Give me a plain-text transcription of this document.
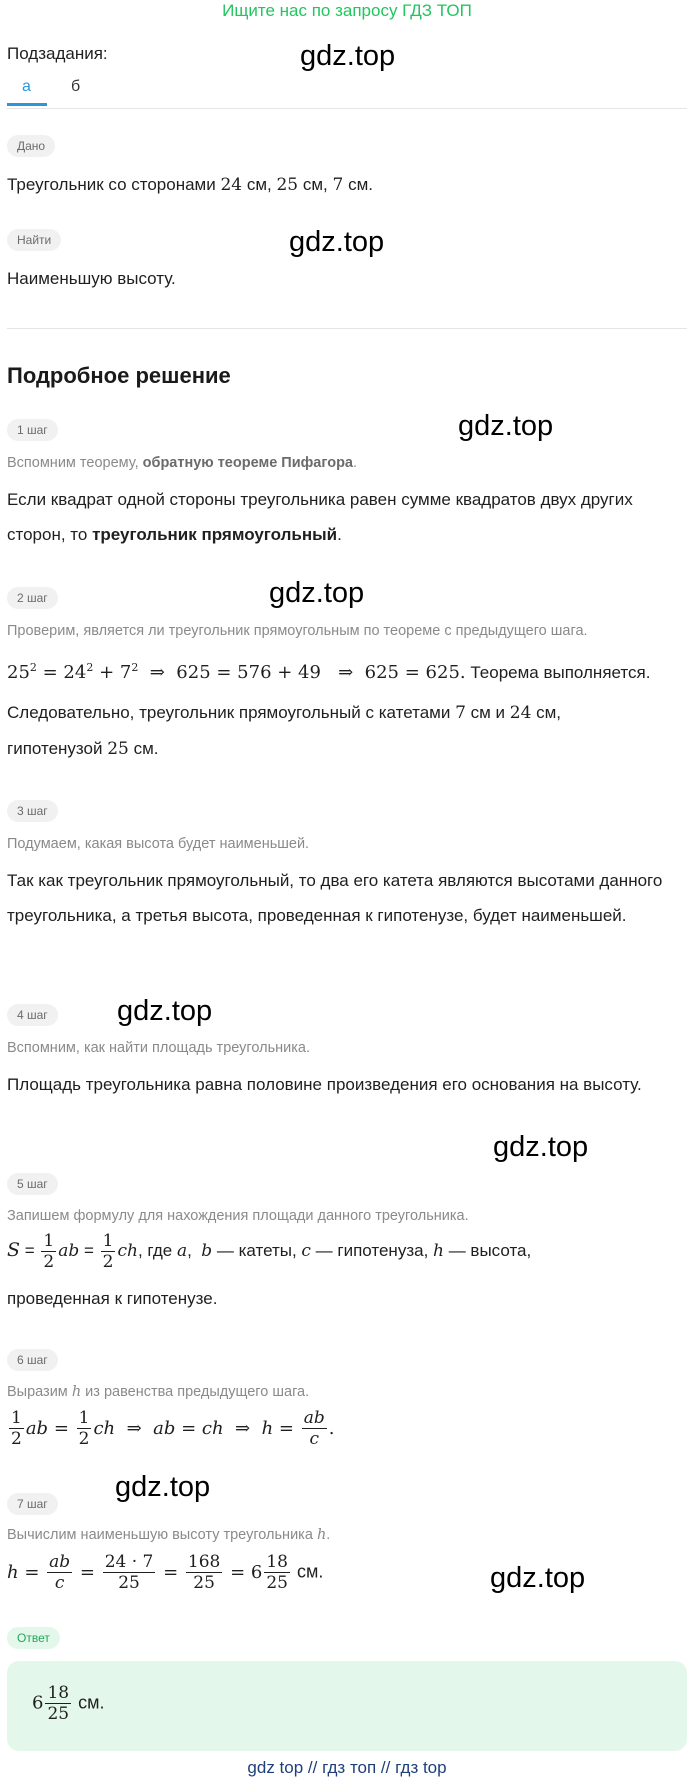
Ищите нас по запросу ГДЗ ТОП
Подзадания:	gdz.top
а	б
Дано
Треугольник со сторонами 24 см, 25 см, 7 см.
Найти	gdz.top
Наименьшую высоту.
Подробное решение
1 шаг	gdz.top
Вспомним теорему, обратную теореме Пифагора.
Если квадрат одной стороны треугольника равен сумме квадратов двух других сторон, то треугольник прямоугольный.
2 шаг	gdz.top
Проверим, является ли треугольник прямоугольным по теореме с предыдущего шага.
$25^2 = 24^2 + 7^2$  ⇒  625 = 576 + 49   ⇒  625 = 625. Теорема выполняется.
Следовательно, треугольник прямоугольный с катетами 7 см и 24 см,
гипотенузой 25 см.
3 шаг
Подумаем, какая высота будет наименьшей.
Так как треугольник прямоугольный, то два его катета являются высотами данного треугольника, а третья высота, проведенная к гипотенузе, будет наименьшей.
4 шаг	gdz.top
Вспомним, как найти площадь треугольника.
Площадь треугольника равна половине произведения его основания на высоту.
gdz.top
5 шаг
Запишем формулу для нахождения площади данного треугольника.
$S = \frac{1}{2}$ ab = $\frac{1}{2}$ ch, где a,  b — катеты, c — гипотенуза, h — высота,
проведенная к гипотенузе.
6 шаг
Выразим h из равенства предыдущего шага.
$\frac{1}{2}$ ab = $\frac{1}{2}$ ch  ⇒  ab = ch  ⇒  $h = \frac{ab}{c}$ .
7 шаг
gdz.top
Вычислим наименьшую высоту треугольника h.
$h = \frac{ab}{c} = \frac{24 \cdot 7}{25} = \frac{168}{25} = 6 \frac{18}{25}$ см.	gdz.top
Ответ
$6 \frac{18}{25}$ см.
gdz top // гдз топ // гдз top
